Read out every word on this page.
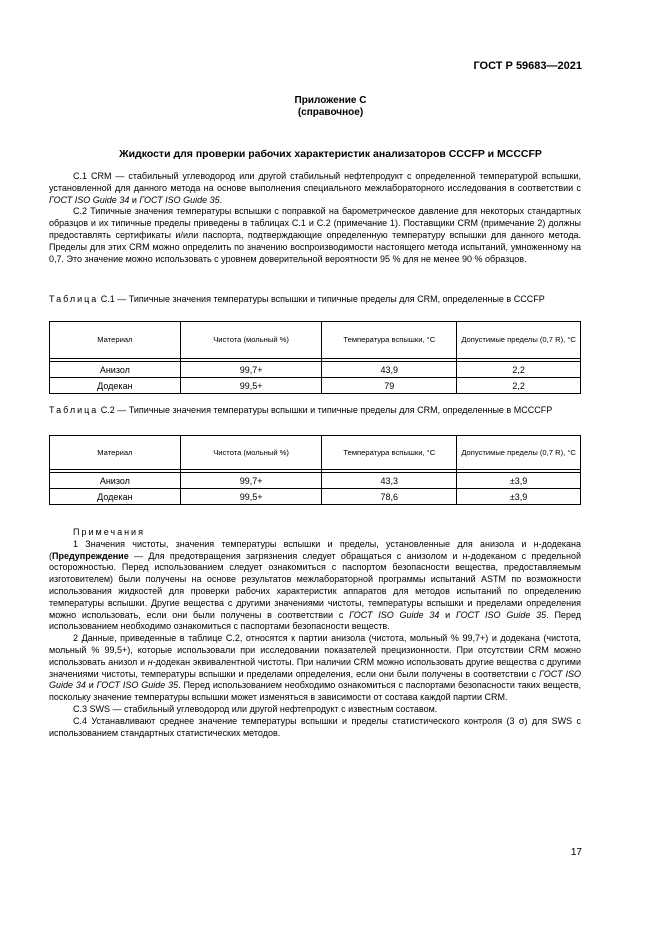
ГОСТ Р 59683—2021
Приложение С
(справочное)
Жидкости для проверки рабочих характеристик анализаторов CCCFP и MCCCFP

С.1 CRM — стабильный углеводород или другой стабильный нефтепродукт с определенной температурой вспышки, установленной для данного метода на основе выполнения специального межлабораторного исследования в соответствии с ГОСТ ISO Guide 34 и ГОСТ ISO Guide 35.

С.2 Типичные значения температуры вспышки с поправкой на барометрическое давление для некоторых стандартных образцов и их типичные пределы приведены в таблицах С.1 и С.2 (примечание 1). Поставщики CRM (примечание 2) должны предоставлять сертификаты и/или паспорта, подтверждающие определенную температуру вспышки для данного метода. Пределы для этих CRM можно определить по значению воспроизводимости настоящего метода испытаний, умноженному на 0,7. Это значение можно использовать с уровнем доверительной вероятности 95 % для не менее 90 % образцов.

Таблица С.1 — Типичные значения температуры вспышки и типичные пределы для CRM, определенные в CCCFP
Материал	Чистота (мольный %)	Температура вспышки, °С	Допустимые пределы (0,7 R), °С

Анизол	99,7+	43,9	2,2
Додекан	99,5+	79	2,2
Таблица С.2 — Типичные значения температуры вспышки и типичные пределы для CRM, определенные в MCCCFP
Материал	Чистота (мольный %)	Температура вспышки, °С	Допустимые пределы (0,7 R), °С

Анизол	99,7+	43,3	±3,9
Додекан	99,5+	78,6	±3,9

Примечания

1 Значения чистоты, значения температуры вспышки и пределы, установленные для анизола и н-додекана (Предупреждение — Для предотвращения загрязнения следует обращаться с анизолом и н-додеканом с предельной осторожностью. Перед использованием следует ознакомиться с паспортом безопасности вещества, предоставляемым изготовителем) были получены на основе результатов межлабораторной программы испытаний ASTM по возможности использования жидкостей для проверки рабочих характеристик аппаратов для методов испытаний по определению температуры вспышки. Другие вещества с другими значениями чистоты, температуры вспышки и пределами определения можно использовать, если они были получены в соответствии с ГОСТ ISO Guide 34 и ГОСТ ISO Guide 35. Перед использованием необходимо ознакомиться с паспортами безопасности веществ.

2 Данные, приведенные в таблице С.2, относятся к партии анизола (чистота, мольный % 99,7+) и додекана (чистота, мольный % 99,5+), которые использовали при исследовании показателей прецизионности. При отсутствии CRM можно использовать анизол и н-додекан эквивалентной чистоты. При наличии CRM можно использовать другие вещества с другими значениями чистоты, температуры вспышки и пределами определения, если они были получены в соответствии с ГОСТ ISO Guide 34 и ГОСТ ISO Guide 35. Перед использованием необходимо ознакомиться с паспортами безопасности таких веществ, поскольку значение температуры вспышки может изменяться в зависимости от состава каждой партии CRM.

С.3 SWS — стабильный углеводород или другой нефтепродукт с известным составом.

С.4 Устанавливают среднее значение температуры вспышки и пределы статистического контроля (3 σ) для SWS с использованием стандартных статистических методов.

17
